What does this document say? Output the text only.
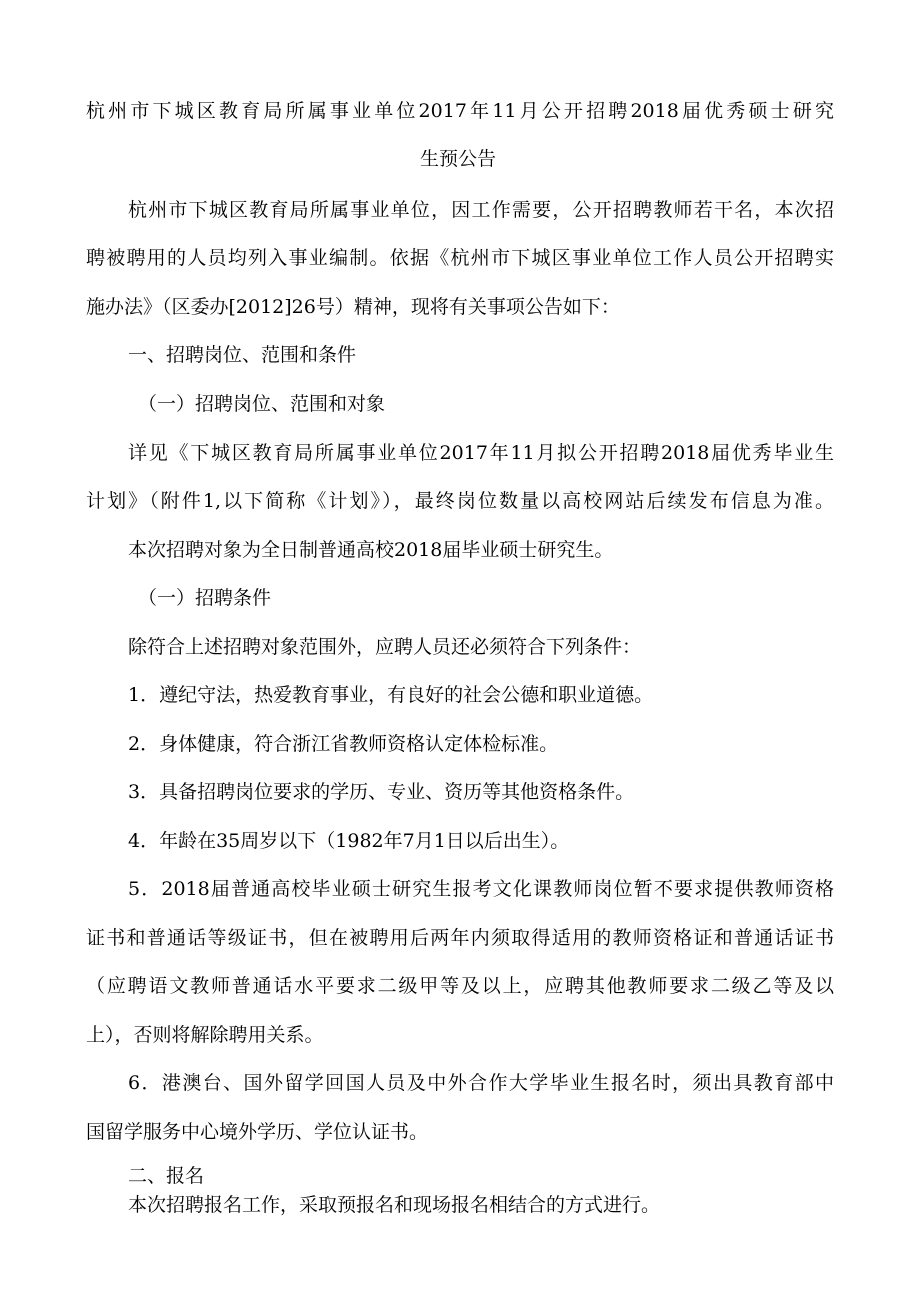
杭州市下城区教育局所属事业单位2017年11月公开招聘2018届优秀硕士研究

生预公告

杭州市下城区教育局所属事业单位，因工作需要，公开招聘教师若干名，本次招

聘被聘用的人员均列入事业编制。依据《杭州市下城区事业单位工作人员公开招聘实

施办法》（区委办[2012]26号）精神，现将有关事项公告如下：

一、招聘岗位、范围和条件

（一）招聘岗位、范围和对象

详见《下城区教育局所属事业单位2017年11月拟公开招聘2018届优秀毕业生

计划》（附件1,以下简称《计划》），最终岗位数量以高校网站后续发布信息为准。

本次招聘对象为全日制普通高校2018届毕业硕士研究生。

（一）招聘条件

除符合上述招聘对象范围外，应聘人员还必须符合下列条件：

1．遵纪守法，热爱教育事业，有良好的社会公德和职业道德。

2．身体健康，符合浙江省教师资格认定体检标准。

3．具备招聘岗位要求的学历、专业、资历等其他资格条件。

4．年龄在35周岁以下（1982年7月1日以后出生）。

5．2018届普通高校毕业硕士研究生报考文化课教师岗位暂不要求提供教师资格

证书和普通话等级证书，但在被聘用后两年内须取得适用的教师资格证和普通话证书

（应聘语文教师普通话水平要求二级甲等及以上，应聘其他教师要求二级乙等及以

上），否则将解除聘用关系。

6．港澳台、国外留学回国人员及中外合作大学毕业生报名时，须出具教育部中

国留学服务中心境外学历、学位认证书。

二、报名

本次招聘报名工作，采取预报名和现场报名相结合的方式进行。
